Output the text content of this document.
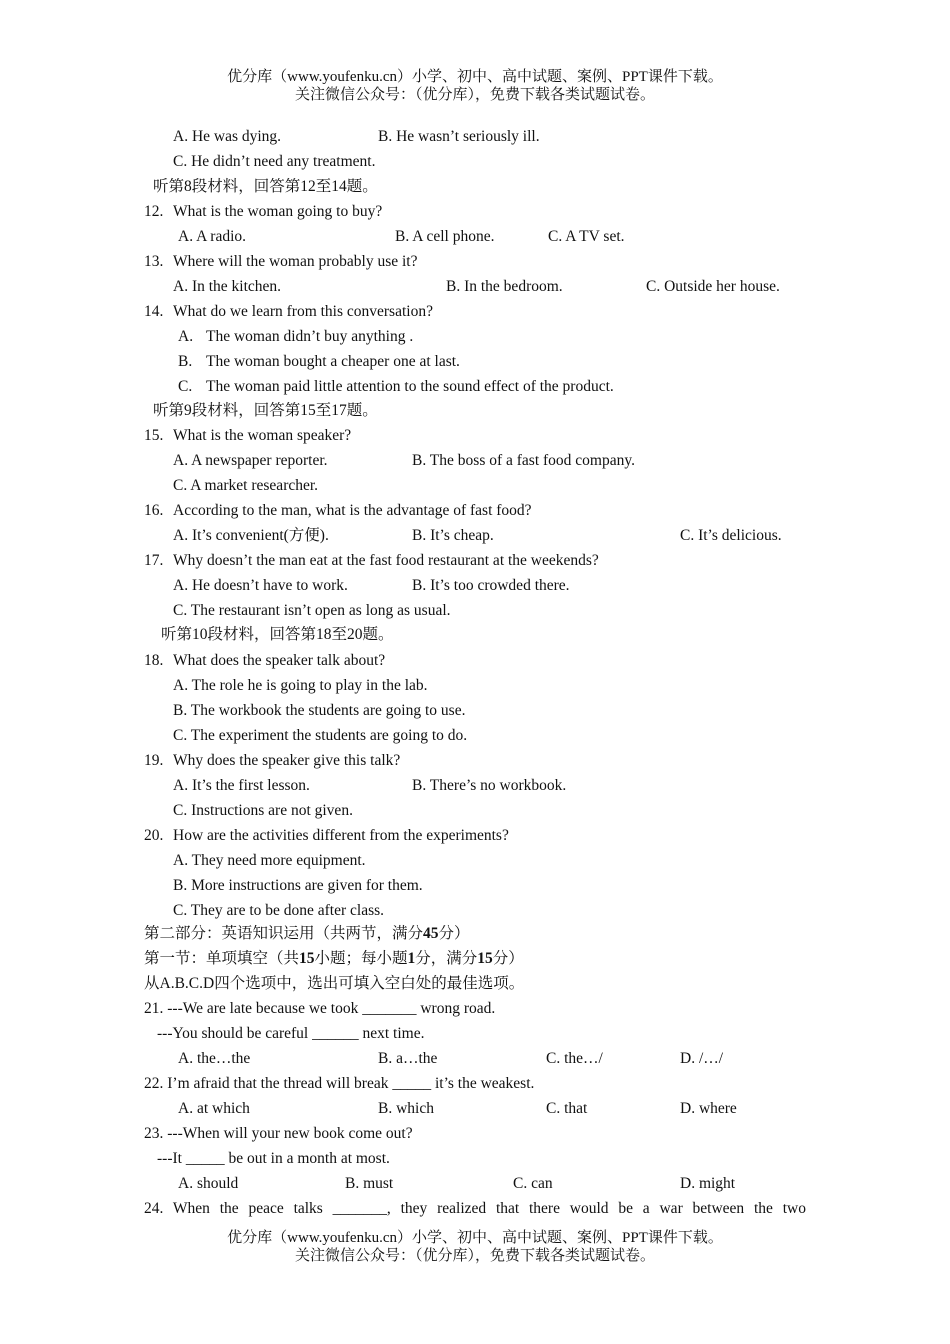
优分库（www.youfenku.cn）小学、初中、高中试题、案例、PPT课件下载。
关注微信公众号：（优分库），免费下载各类试题试卷。
A. He was dying.	B. He wasn’t seriously ill.
C. He didn’t need any treatment.
听第8段材料，回答第12至14题。
12. What is the woman going to buy?
A. A radio.	B. A cell phone.	C. A TV set.
13. Where will the woman probably use it?
A. In the kitchen.	B. In the bedroom.	C. Outside her house.
14. What do we learn from this conversation?
A. The woman didn’t buy anything .
B. The woman bought a cheaper one at last.
C. The woman paid little attention to the sound effect of the product.
听第9段材料，回答第15至17题。
15. What is the woman speaker?
A. A newspaper reporter.	B. The boss of a fast food company.
C. A market researcher.
16. According to the man, what is the advantage of fast food?
A. It’s convenient(方便).	B. It’s cheap.	C. It’s delicious.
17. Why doesn’t the man eat at the fast food restaurant at the weekends?
A. He doesn’t have to work.	B. It’s too crowded there.
C. The restaurant isn’t open as long as usual.
听第10段材料，回答第18至20题。
18. What does the speaker talk about?
A. The role he is going to play in the lab.
B. The workbook the students are going to use.
C. The experiment the students are going to do.
19. Why does the speaker give this talk?
A. It’s the first lesson.	B. There’s no workbook.
C. Instructions are not given.
20. How are the activities different from the experiments?
A. They need more equipment.
B. More instructions are given for them.
C. They are to be done after class.
第二部分：英语知识运用（共两节，满分45分）
第一节：单项填空（共15小题；每小题1分，满分15分）
从A.B.C.D四个选项中，选出可填入空白处的最佳选项。
21. ---We are late because we took _______ wrong road.
---You should be careful ______ next time.
A. the…the	B. a…the	C. the…/	D. /…/
22. I’m afraid that the thread will break _____ it’s the weakest.
A. at which	B. which	C. that	D. where
23. ---When will your new book come out?
---It _____ be out in a month at most.
A. should	B. must	C. can	D. might
24. When the peace talks _______, they realized that there would be a war between the two
优分库（www.youfenku.cn）小学、初中、高中试题、案例、PPT课件下载。
关注微信公众号：（优分库），免费下载各类试题试卷。
